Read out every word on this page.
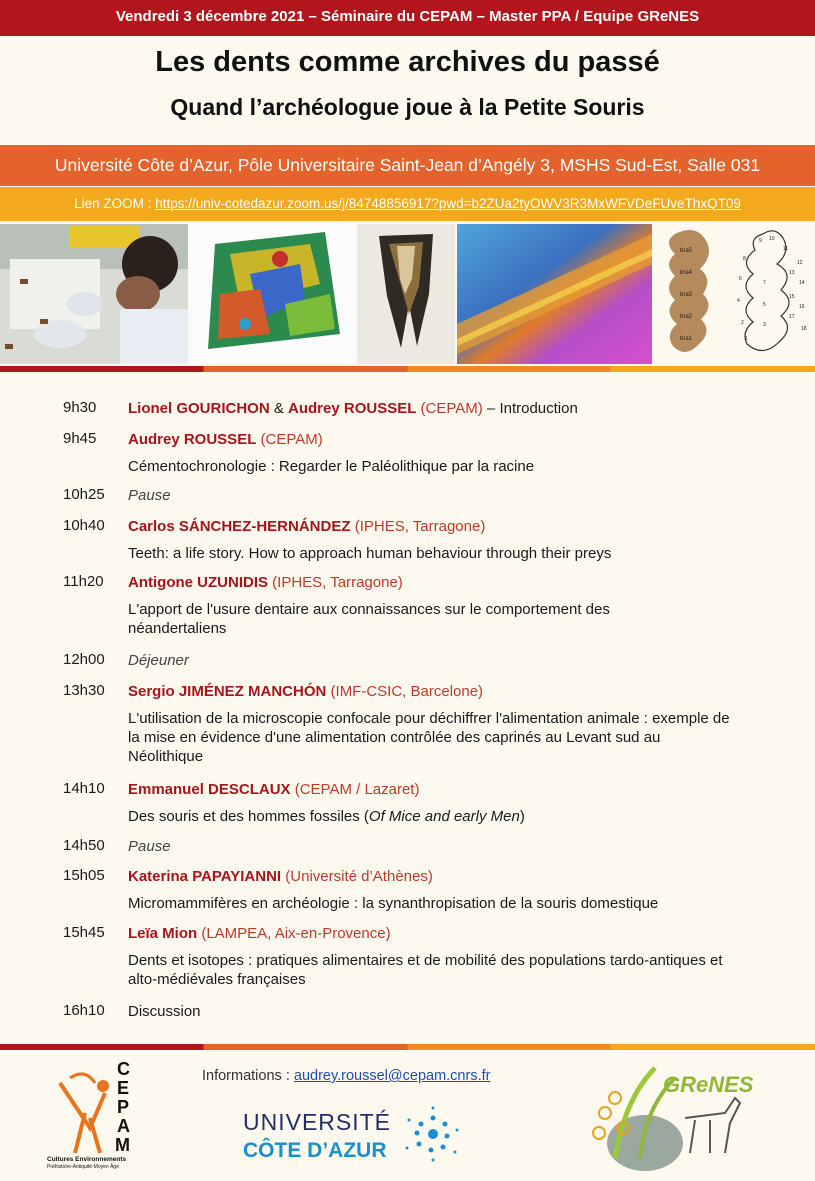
Vendredi 3 décembre 2021 – Séminaire du CEPAM – Master PPA / Equipe GReNES
Les dents comme archives du passé
Quand l’archéologue joue à la Petite Souris
Université Côte d’Azur, Pôle Universitaire Saint-Jean d’Angély 3, MSHS Sud-Est, Salle 031
Lien ZOOM : https://univ-cotedazur.zoom.us/j/84748856917?pwd=b2ZUa2tyOWV3R3MxWFVDeFUveThxQT09
bra5
bra4
bra3
bra2
bra1
9 10
11
12
13
14
15
16
17
18
1
2	3
4
5
6
7
8
9h30 Lionel GOURICHON & Audrey ROUSSEL (CEPAM) – Introduction
9h45 Audrey ROUSSEL (CEPAM)
Cémentochronologie : Regarder le Paléolithique par la racine
10h25 Pause
10h40 Carlos SÁNCHEZ-HERNÁNDEZ (IPHES, Tarragone)
Teeth: a life story. How to approach human behaviour through their preys
11h20 Antigone UZUNIDIS (IPHES, Tarragone)
L'apport de l'usure dentaire aux connaissances sur le comportement des néandertaliens
12h00 Déjeuner
13h30 Sergio JIMÉNEZ MANCHÓN (IMF-CSIC, Barcelone)
L'utilisation de la microscopie confocale pour déchiffrer l'alimentation animale : exemple de la mise en évidence d'une alimentation contrôlée des caprinés au Levant sud au Néolithique
14h10 Emmanuel DESCLAUX (CEPAM / Lazaret)
Des souris et des hommes fossiles (Of Mice and early Men)
14h50 Pause
15h05 Katerina PAPAYIANNI (Université d’Athènes)
Micromammifères en archéologie : la synanthropisation de la souris domestique
15h45 Leïa Mion (LAMPEA, Aix-en-Provence)
Dents et isotopes : pratiques alimentaires et de mobilité des populations tardo-antiques et alto-médiévales françaises
16h10 Discussion
C
E
P
A
M
Cultures Environnements
Préhistoire-Antiquité-Moyen Âge
Informations : audrey.roussel@cepam.cnrs.fr
UNIVERSITÉ
CÔTE D’AZUR
GReNES
